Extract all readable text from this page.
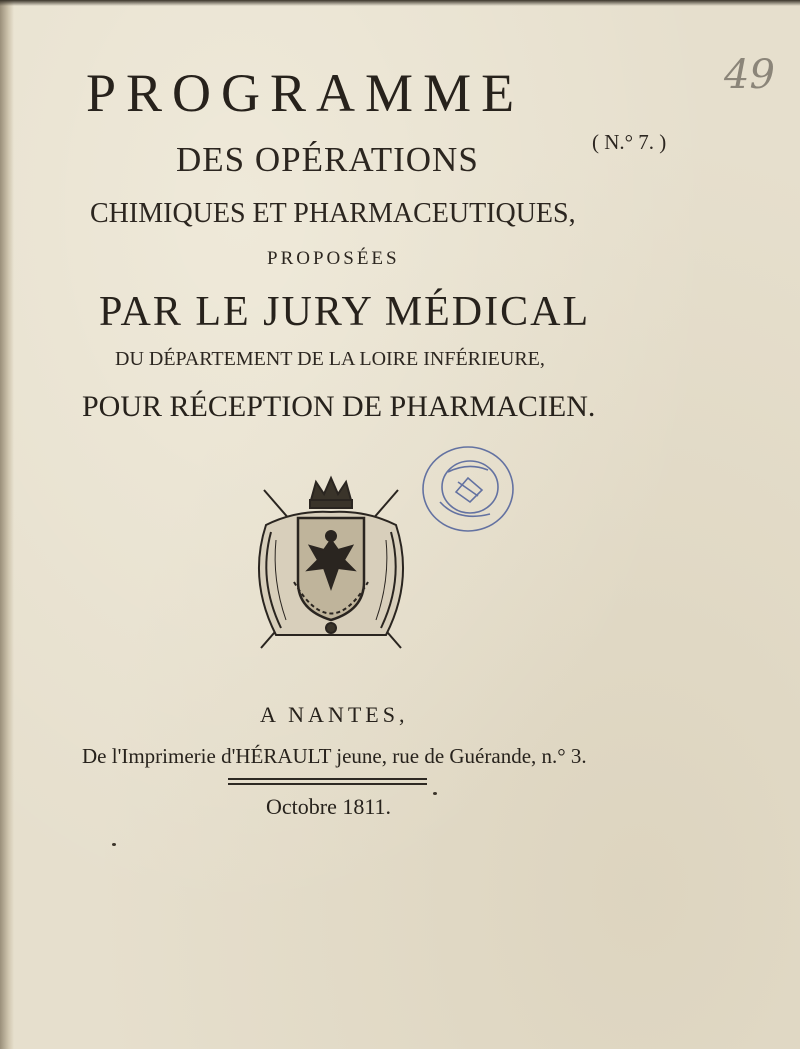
PROGRAMME
DES OPÉRATIONS	( N.° 7. )
49
CHIMIQUES ET PHARMACEUTIQUES,
PROPOSÉES
PAR LE JURY MÉDICAL
DU DÉPARTEMENT DE LA LOIRE INFÉRIEURE,
POUR RÉCEPTION DE PHARMACIEN.
A NANTES,
De l'Imprimerie d'HÉRAULT jeune, rue de Guérande, n.° 3.
Octobre 1811.
